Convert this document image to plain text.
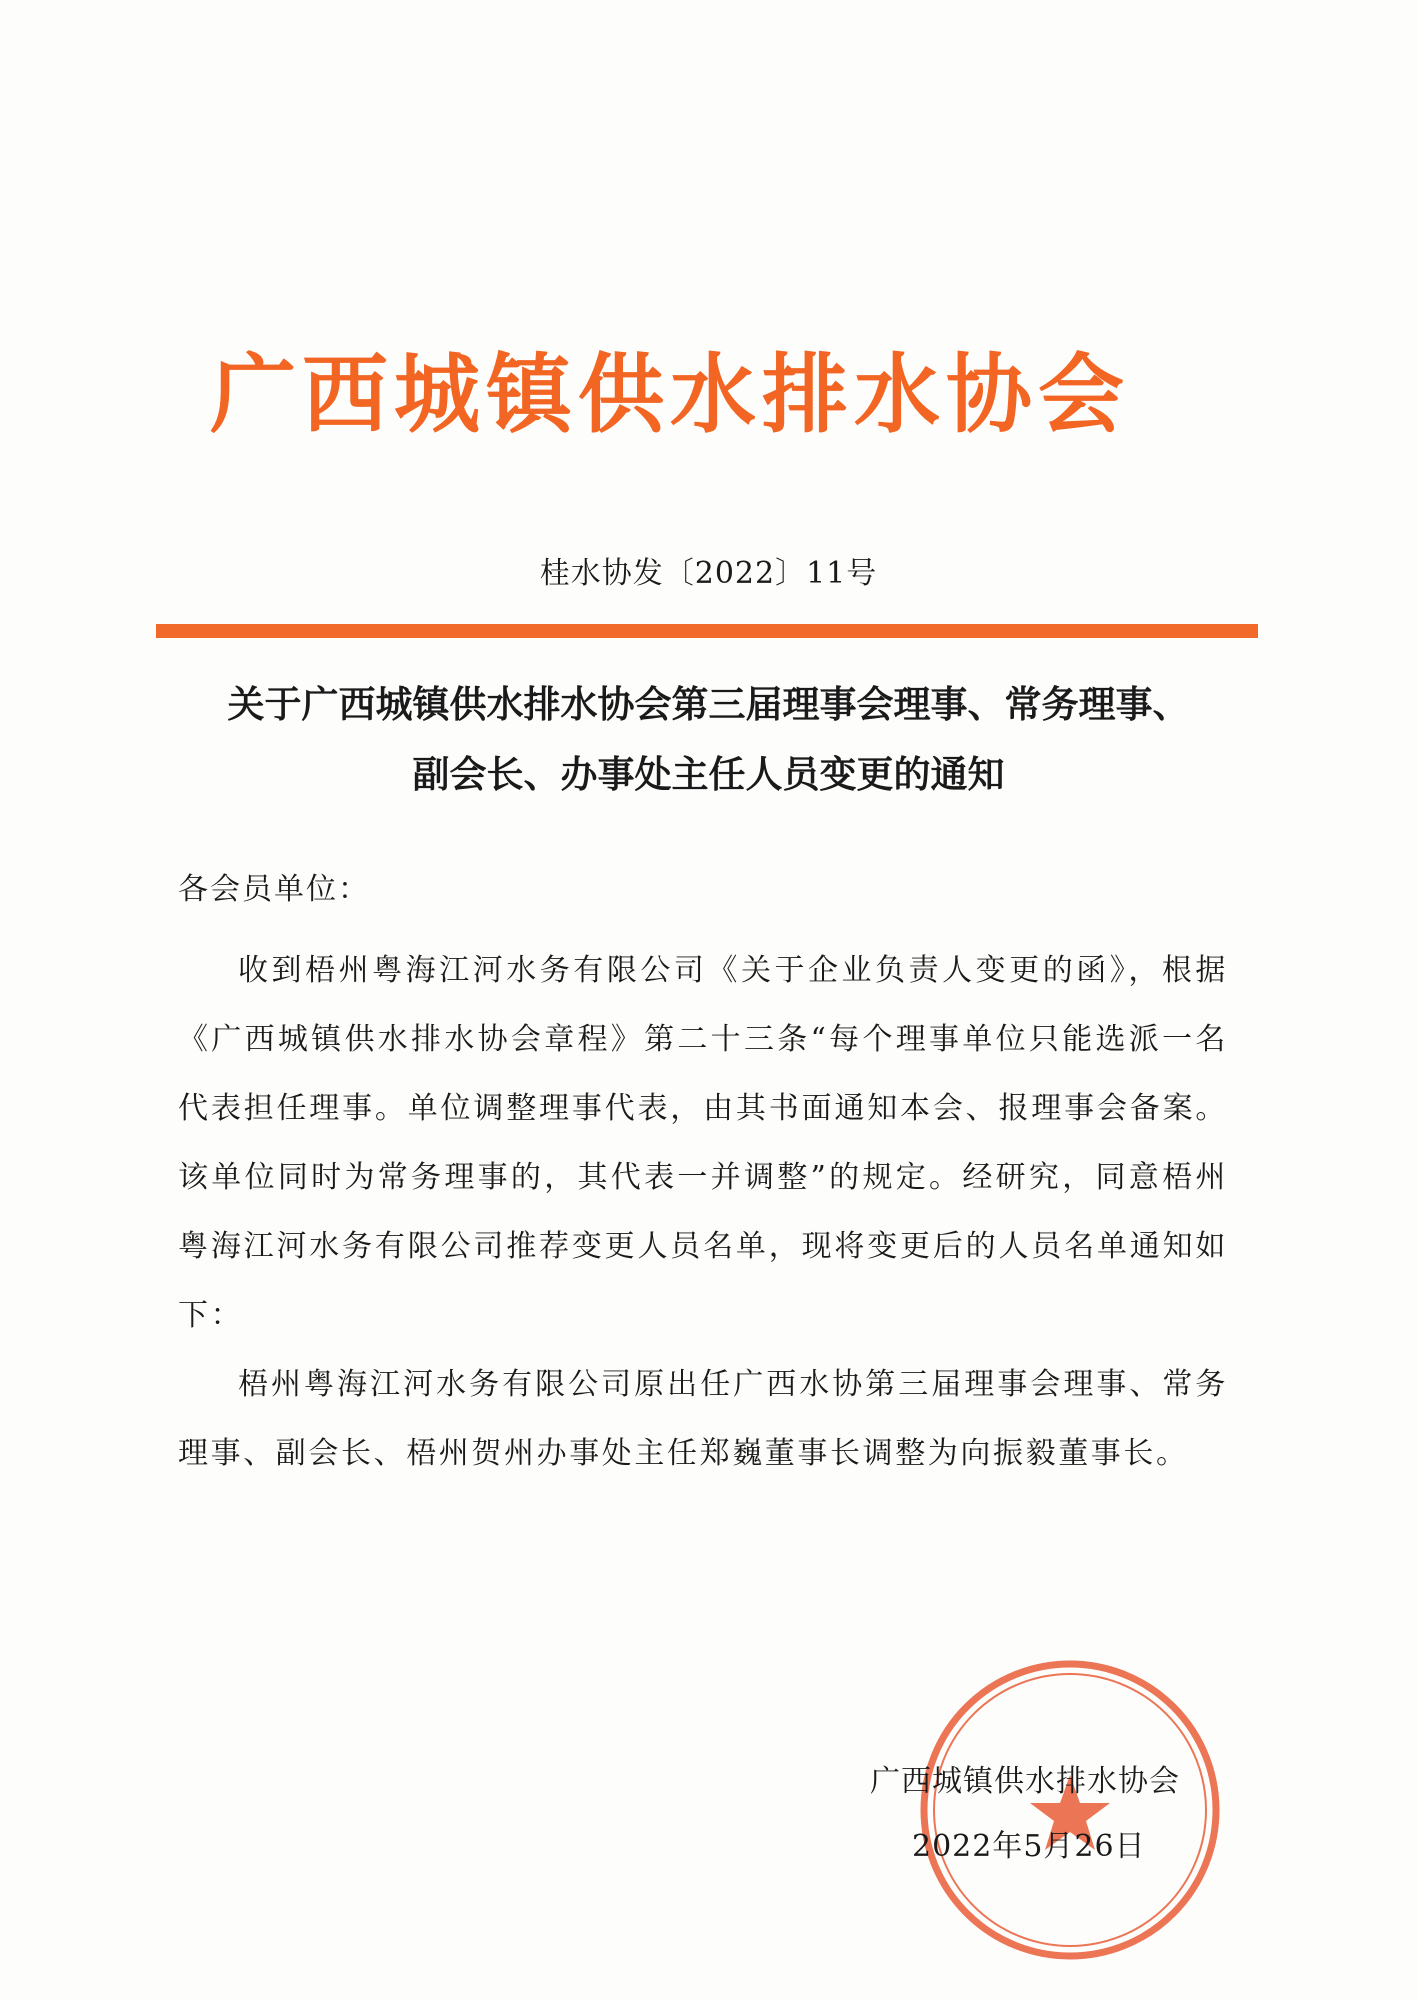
广西城镇供水排水协会
桂水协发〔2022〕11号
关于广西城镇供水排水协会第三届理事会理事、常务理事、
副会长、办事处主任人员变更的通知
各会员单位：

收到梧州粤海江河水务有限公司《关于企业负责人变更的函》，根据《广西城镇供水排水协会章程》第二十三条“每个理事单位只能选派一名代表担任理事。单位调整理事代表，由其书面通知本会、报理事会备案。该单位同时为常务理事的，其代表一并调整”的规定。经研究，同意梧州粤海江河水务有限公司推荐变更人员名单，现将变更后的人员名单通知如下：

梧州粤海江河水务有限公司原出任广西水协第三届理事会理事、常务理事、副会长、梧州贺州办事处主任郑巍董事长调整为向振毅董事长。

广西城镇供水排水协会
2022年5月26日
